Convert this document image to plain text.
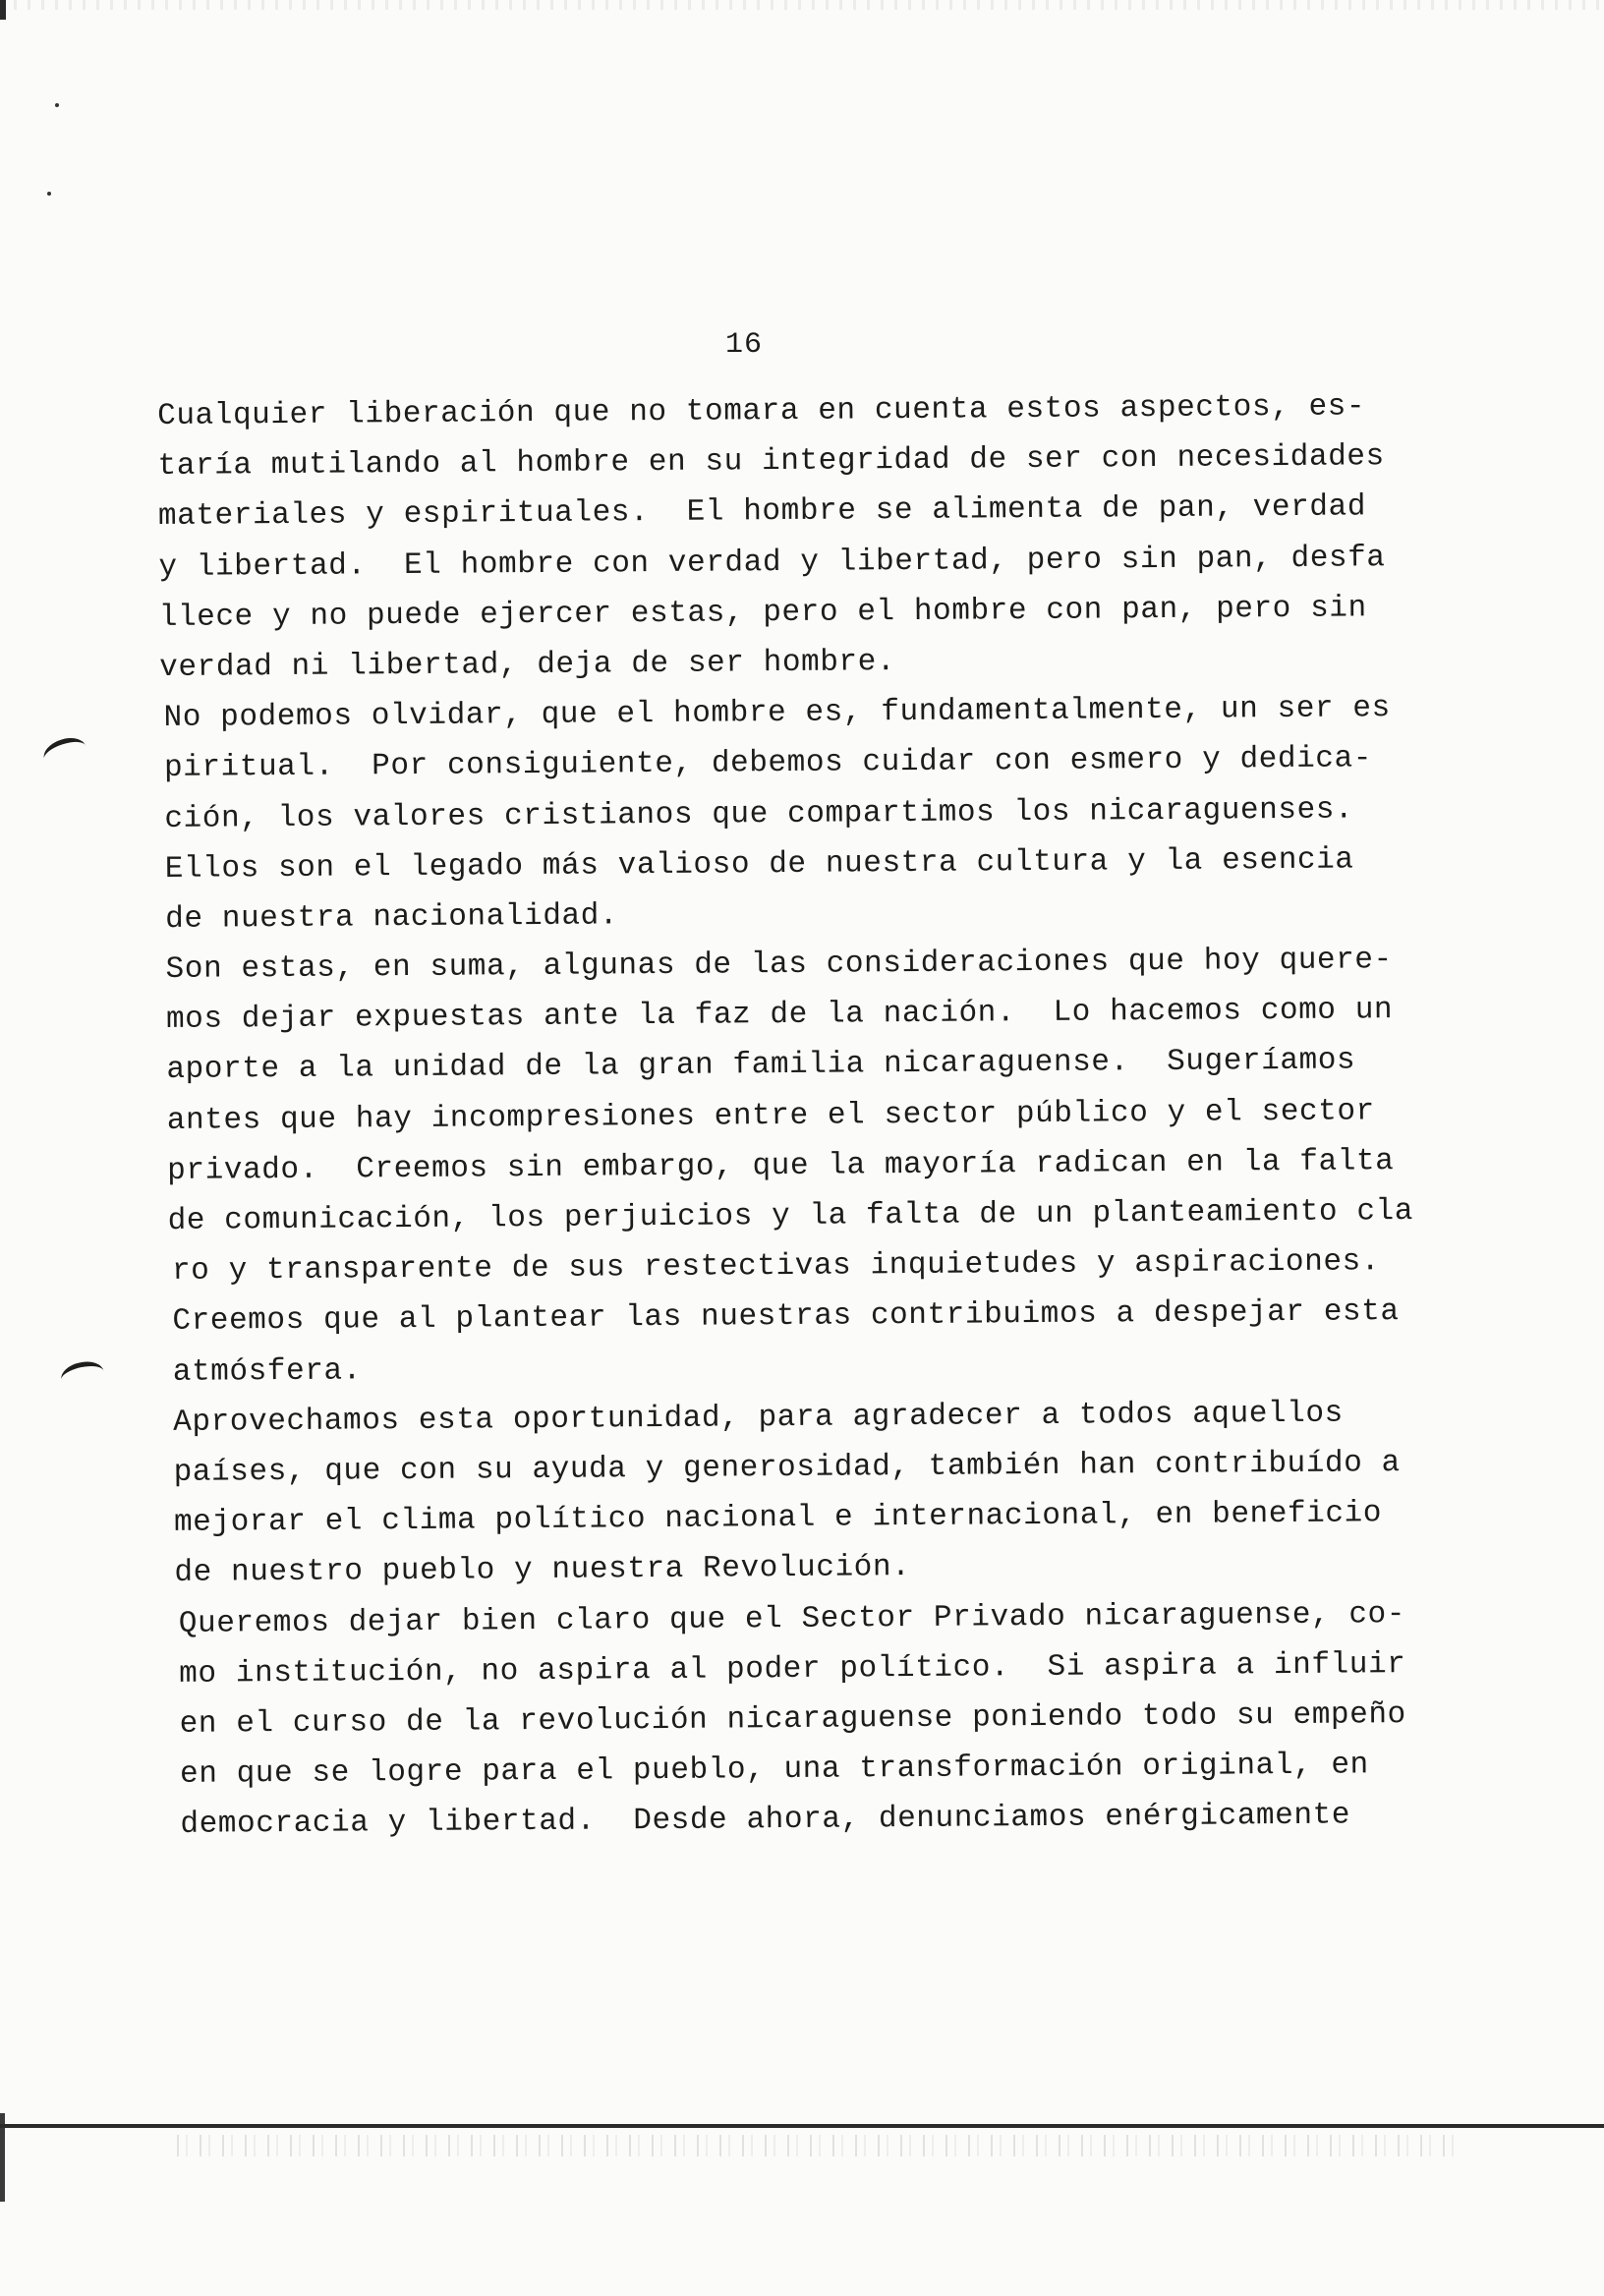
16
Cualquier liberación que no tomara en cuenta estos aspectos, es-
taría mutilando al hombre en su integridad de ser con necesidades
materiales y espirituales.  El hombre se alimenta de pan, verdad
y libertad.  El hombre con verdad y libertad, pero sin pan, desfa
llece y no puede ejercer estas, pero el hombre con pan, pero sin
verdad ni libertad, deja de ser hombre.
No podemos olvidar, que el hombre es, fundamentalmente, un ser es
piritual.  Por consiguiente, debemos cuidar con esmero y dedica-
ción, los valores cristianos que compartimos los nicaraguenses.
Ellos son el legado más valioso de nuestra cultura y la esencia
de nuestra nacionalidad.
Son estas, en suma, algunas de las consideraciones que hoy quere-
mos dejar expuestas ante la faz de la nación.  Lo hacemos como un
aporte a la unidad de la gran familia nicaraguense.  Sugeríamos
antes que hay incompresiones entre el sector público y el sector
privado.  Creemos sin embargo, que la mayoría radican en la falta
de comunicación, los perjuicios y la falta de un planteamiento cla
ro y transparente de sus restectivas inquietudes y aspiraciones.
Creemos que al plantear las nuestras contribuimos a despejar esta
atmósfera.
Aprovechamos esta oportunidad, para agradecer a todos aquellos
países, que con su ayuda y generosidad, también han contribuído a
mejorar el clima político nacional e internacional, en beneficio
de nuestro pueblo y nuestra Revolución.
Queremos dejar bien claro que el Sector Privado nicaraguense, co-
mo institución, no aspira al poder político.  Si aspira a influir
en el curso de la revolución nicaraguense poniendo todo su empeño
en que se logre para el pueblo, una transformación original, en
democracia y libertad.  Desde ahora, denunciamos enérgicamente
